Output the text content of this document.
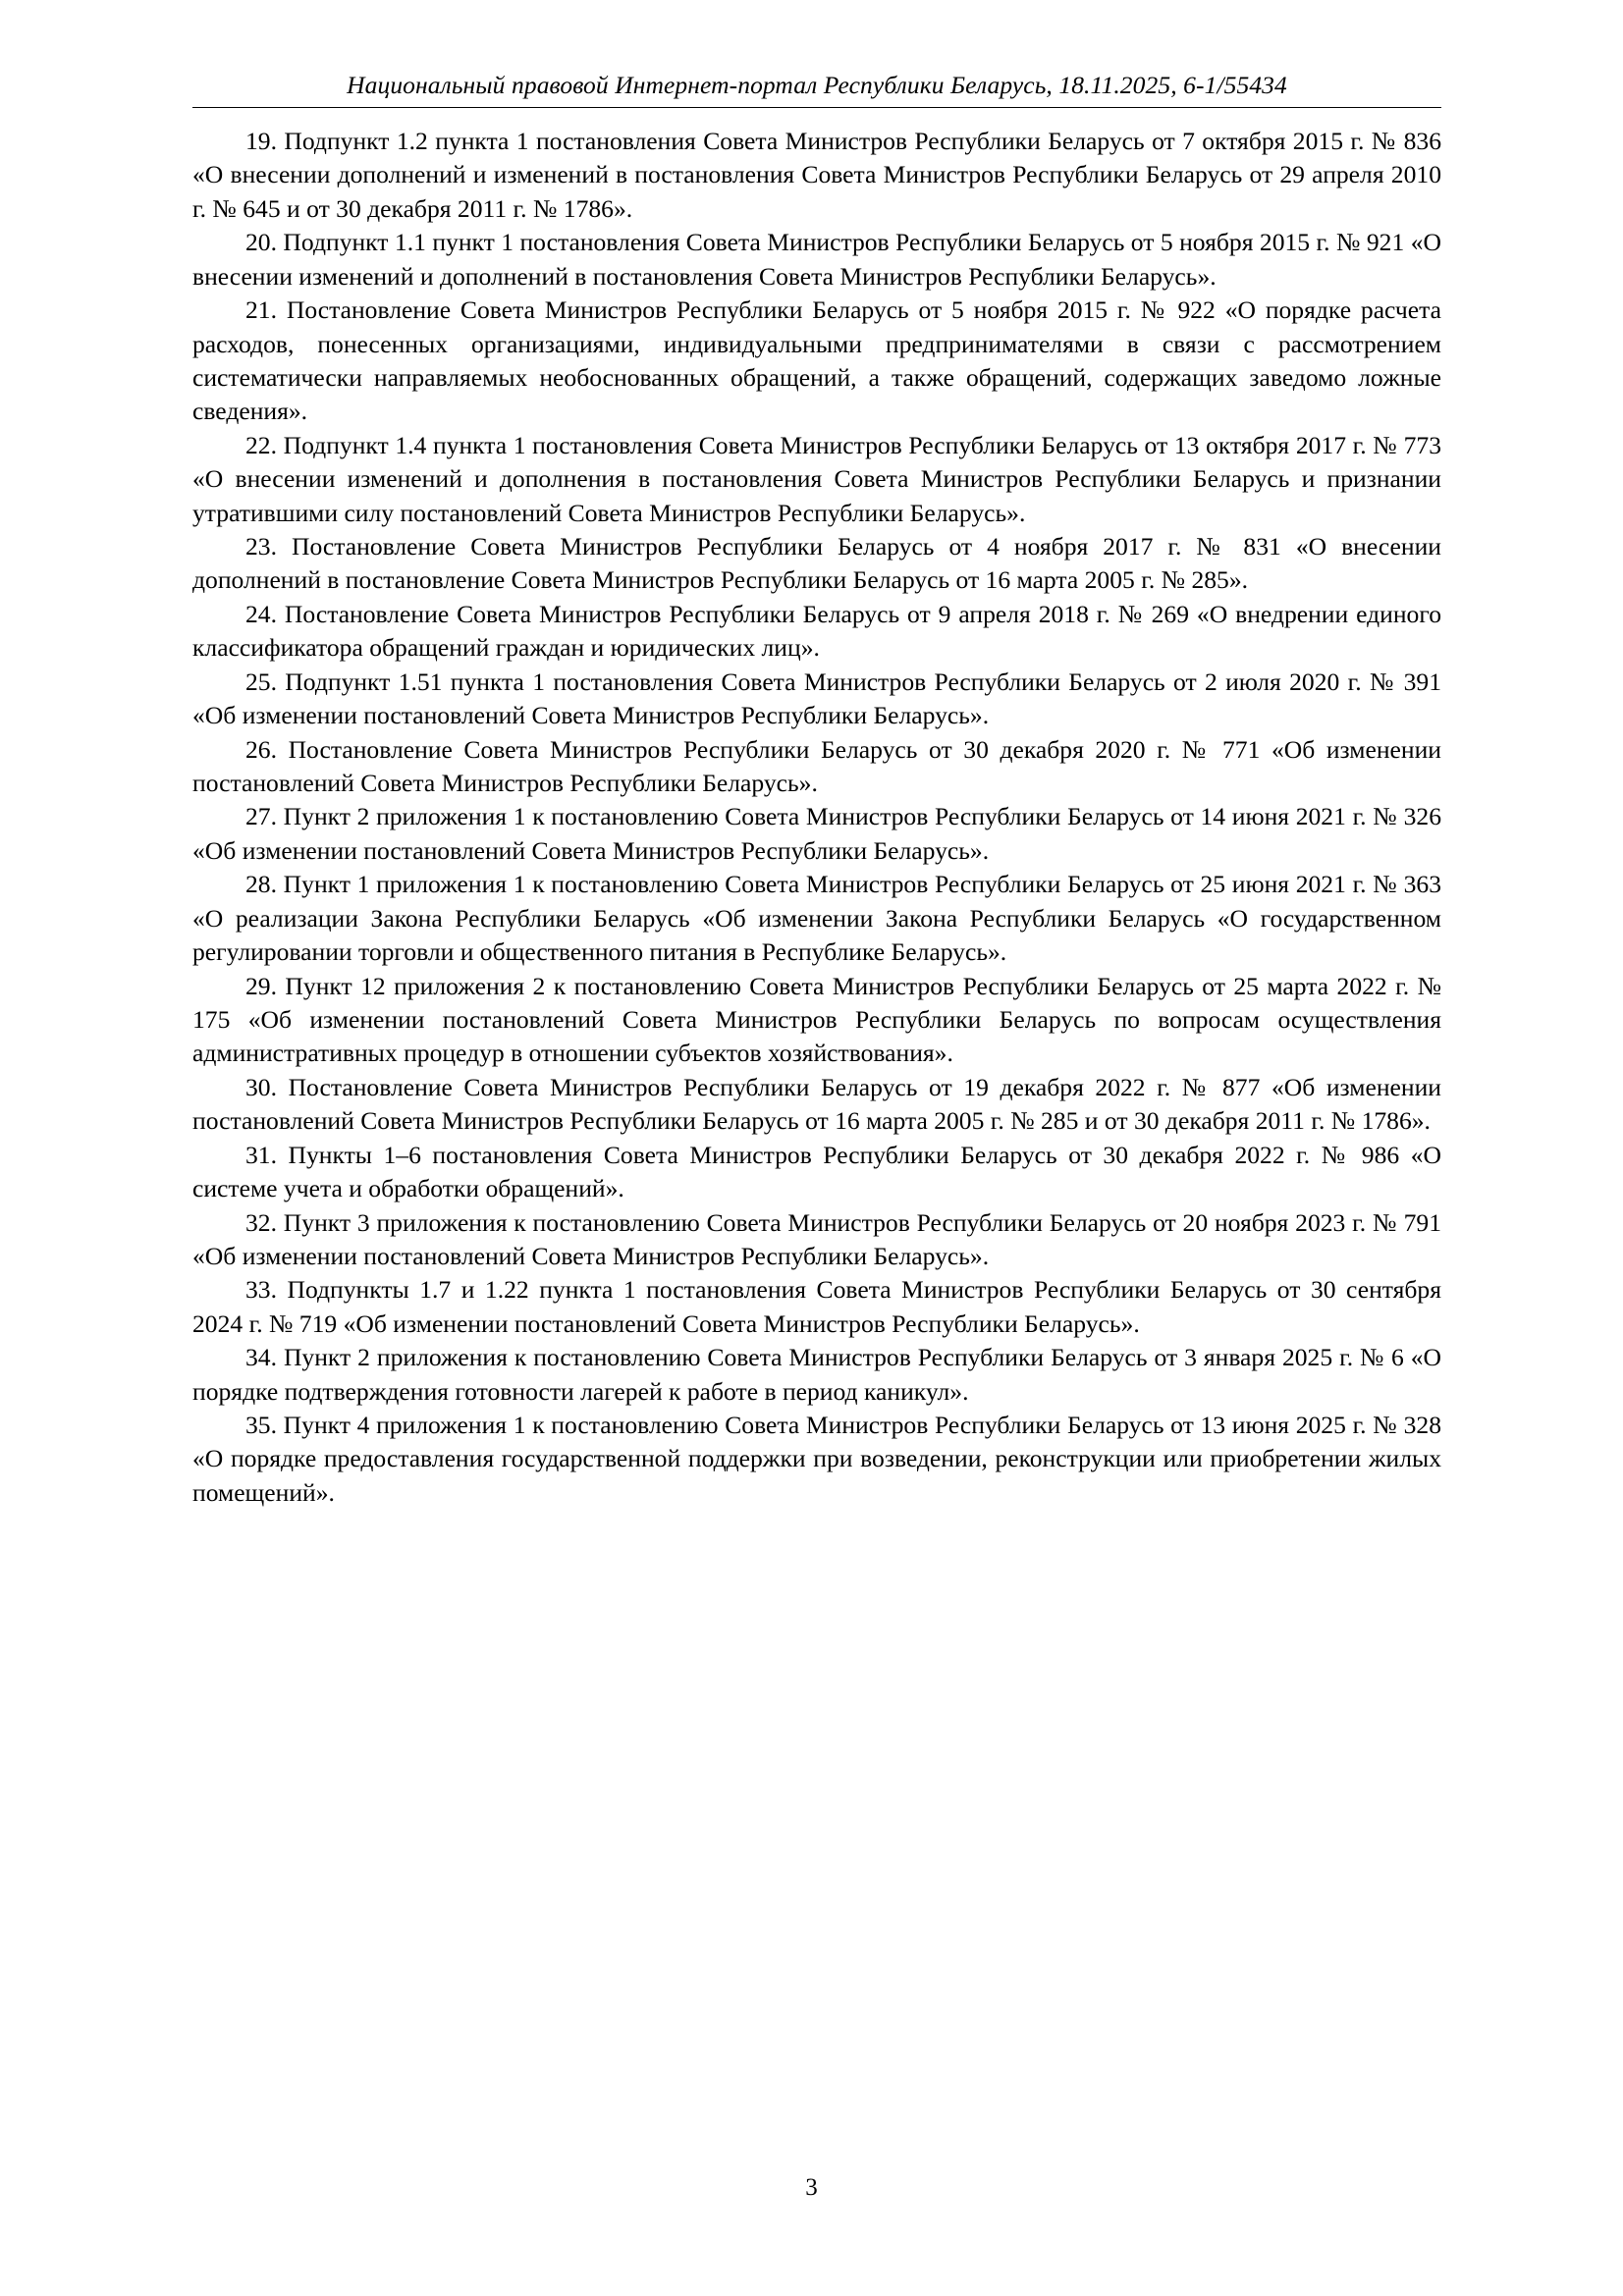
Национальный правовой Интернет-портал Республики Беларусь, 18.11.2025, 6-1/55434

19. Подпункт 1.2 пункта 1 постановления Совета Министров Республики Беларусь от 7 октября 2015 г. № 836 «О внесении дополнений и изменений в постановления Совета Министров Республики Беларусь от 29 апреля 2010 г. № 645 и от 30 декабря 2011 г. № 1786».

20. Подпункт 1.1 пункт 1 постановления Совета Министров Республики Беларусь от 5 ноября 2015 г. № 921 «О внесении изменений и дополнений в постановления Совета Министров Республики Беларусь».

21. Постановление Совета Министров Республики Беларусь от 5 ноября 2015 г. № 922 «О порядке расчета расходов, понесенных организациями, индивидуальными предпринимателями в связи с рассмотрением систематически направляемых необоснованных обращений, а также обращений, содержащих заведомо ложные сведения».

22. Подпункт 1.4 пункта 1 постановления Совета Министров Республики Беларусь от 13 октября 2017 г. № 773 «О внесении изменений и дополнения в постановления Совета Министров Республики Беларусь и признании утратившими силу постановлений Совета Министров Республики Беларусь».

23. Постановление Совета Министров Республики Беларусь от 4 ноября 2017 г. № 831 «О внесении дополнений в постановление Совета Министров Республики Беларусь от 16 марта 2005 г. № 285».

24. Постановление Совета Министров Республики Беларусь от 9 апреля 2018 г. № 269 «О внедрении единого классификатора обращений граждан и юридических лиц».

25. Подпункт 1.51 пункта 1 постановления Совета Министров Республики Беларусь от 2 июля 2020 г. № 391 «Об изменении постановлений Совета Министров Республики Беларусь».

26. Постановление Совета Министров Республики Беларусь от 30 декабря 2020 г. № 771 «Об изменении постановлений Совета Министров Республики Беларусь».

27. Пункт 2 приложения 1 к постановлению Совета Министров Республики Беларусь от 14 июня 2021 г. № 326 «Об изменении постановлений Совета Министров Республики Беларусь».

28. Пункт 1 приложения 1 к постановлению Совета Министров Республики Беларусь от 25 июня 2021 г. № 363 «О реализации Закона Республики Беларусь «Об изменении Закона Республики Беларусь «О государственном регулировании торговли и общественного питания в Республике Беларусь».

29. Пункт 12 приложения 2 к постановлению Совета Министров Республики Беларусь от 25 марта 2022 г. № 175 «Об изменении постановлений Совета Министров Республики Беларусь по вопросам осуществления административных процедур в отношении субъектов хозяйствования».

30. Постановление Совета Министров Республики Беларусь от 19 декабря 2022 г. № 877 «Об изменении постановлений Совета Министров Республики Беларусь от 16 марта 2005 г. № 285 и от 30 декабря 2011 г. № 1786».

31. Пункты 1–6 постановления Совета Министров Республики Беларусь от 30 декабря 2022 г. № 986 «О системе учета и обработки обращений».

32. Пункт 3 приложения к постановлению Совета Министров Республики Беларусь от 20 ноября 2023 г. № 791 «Об изменении постановлений Совета Министров Республики Беларусь».

33. Подпункты 1.7 и 1.22 пункта 1 постановления Совета Министров Республики Беларусь от 30 сентября 2024 г. № 719 «Об изменении постановлений Совета Министров Республики Беларусь».

34. Пункт 2 приложения к постановлению Совета Министров Республики Беларусь от 3 января 2025 г. № 6 «О порядке подтверждения готовности лагерей к работе в период каникул».

35. Пункт 4 приложения 1 к постановлению Совета Министров Республики Беларусь от 13 июня 2025 г. № 328 «О порядке предоставления государственной поддержки при возведении, реконструкции или приобретении жилых помещений».

3
